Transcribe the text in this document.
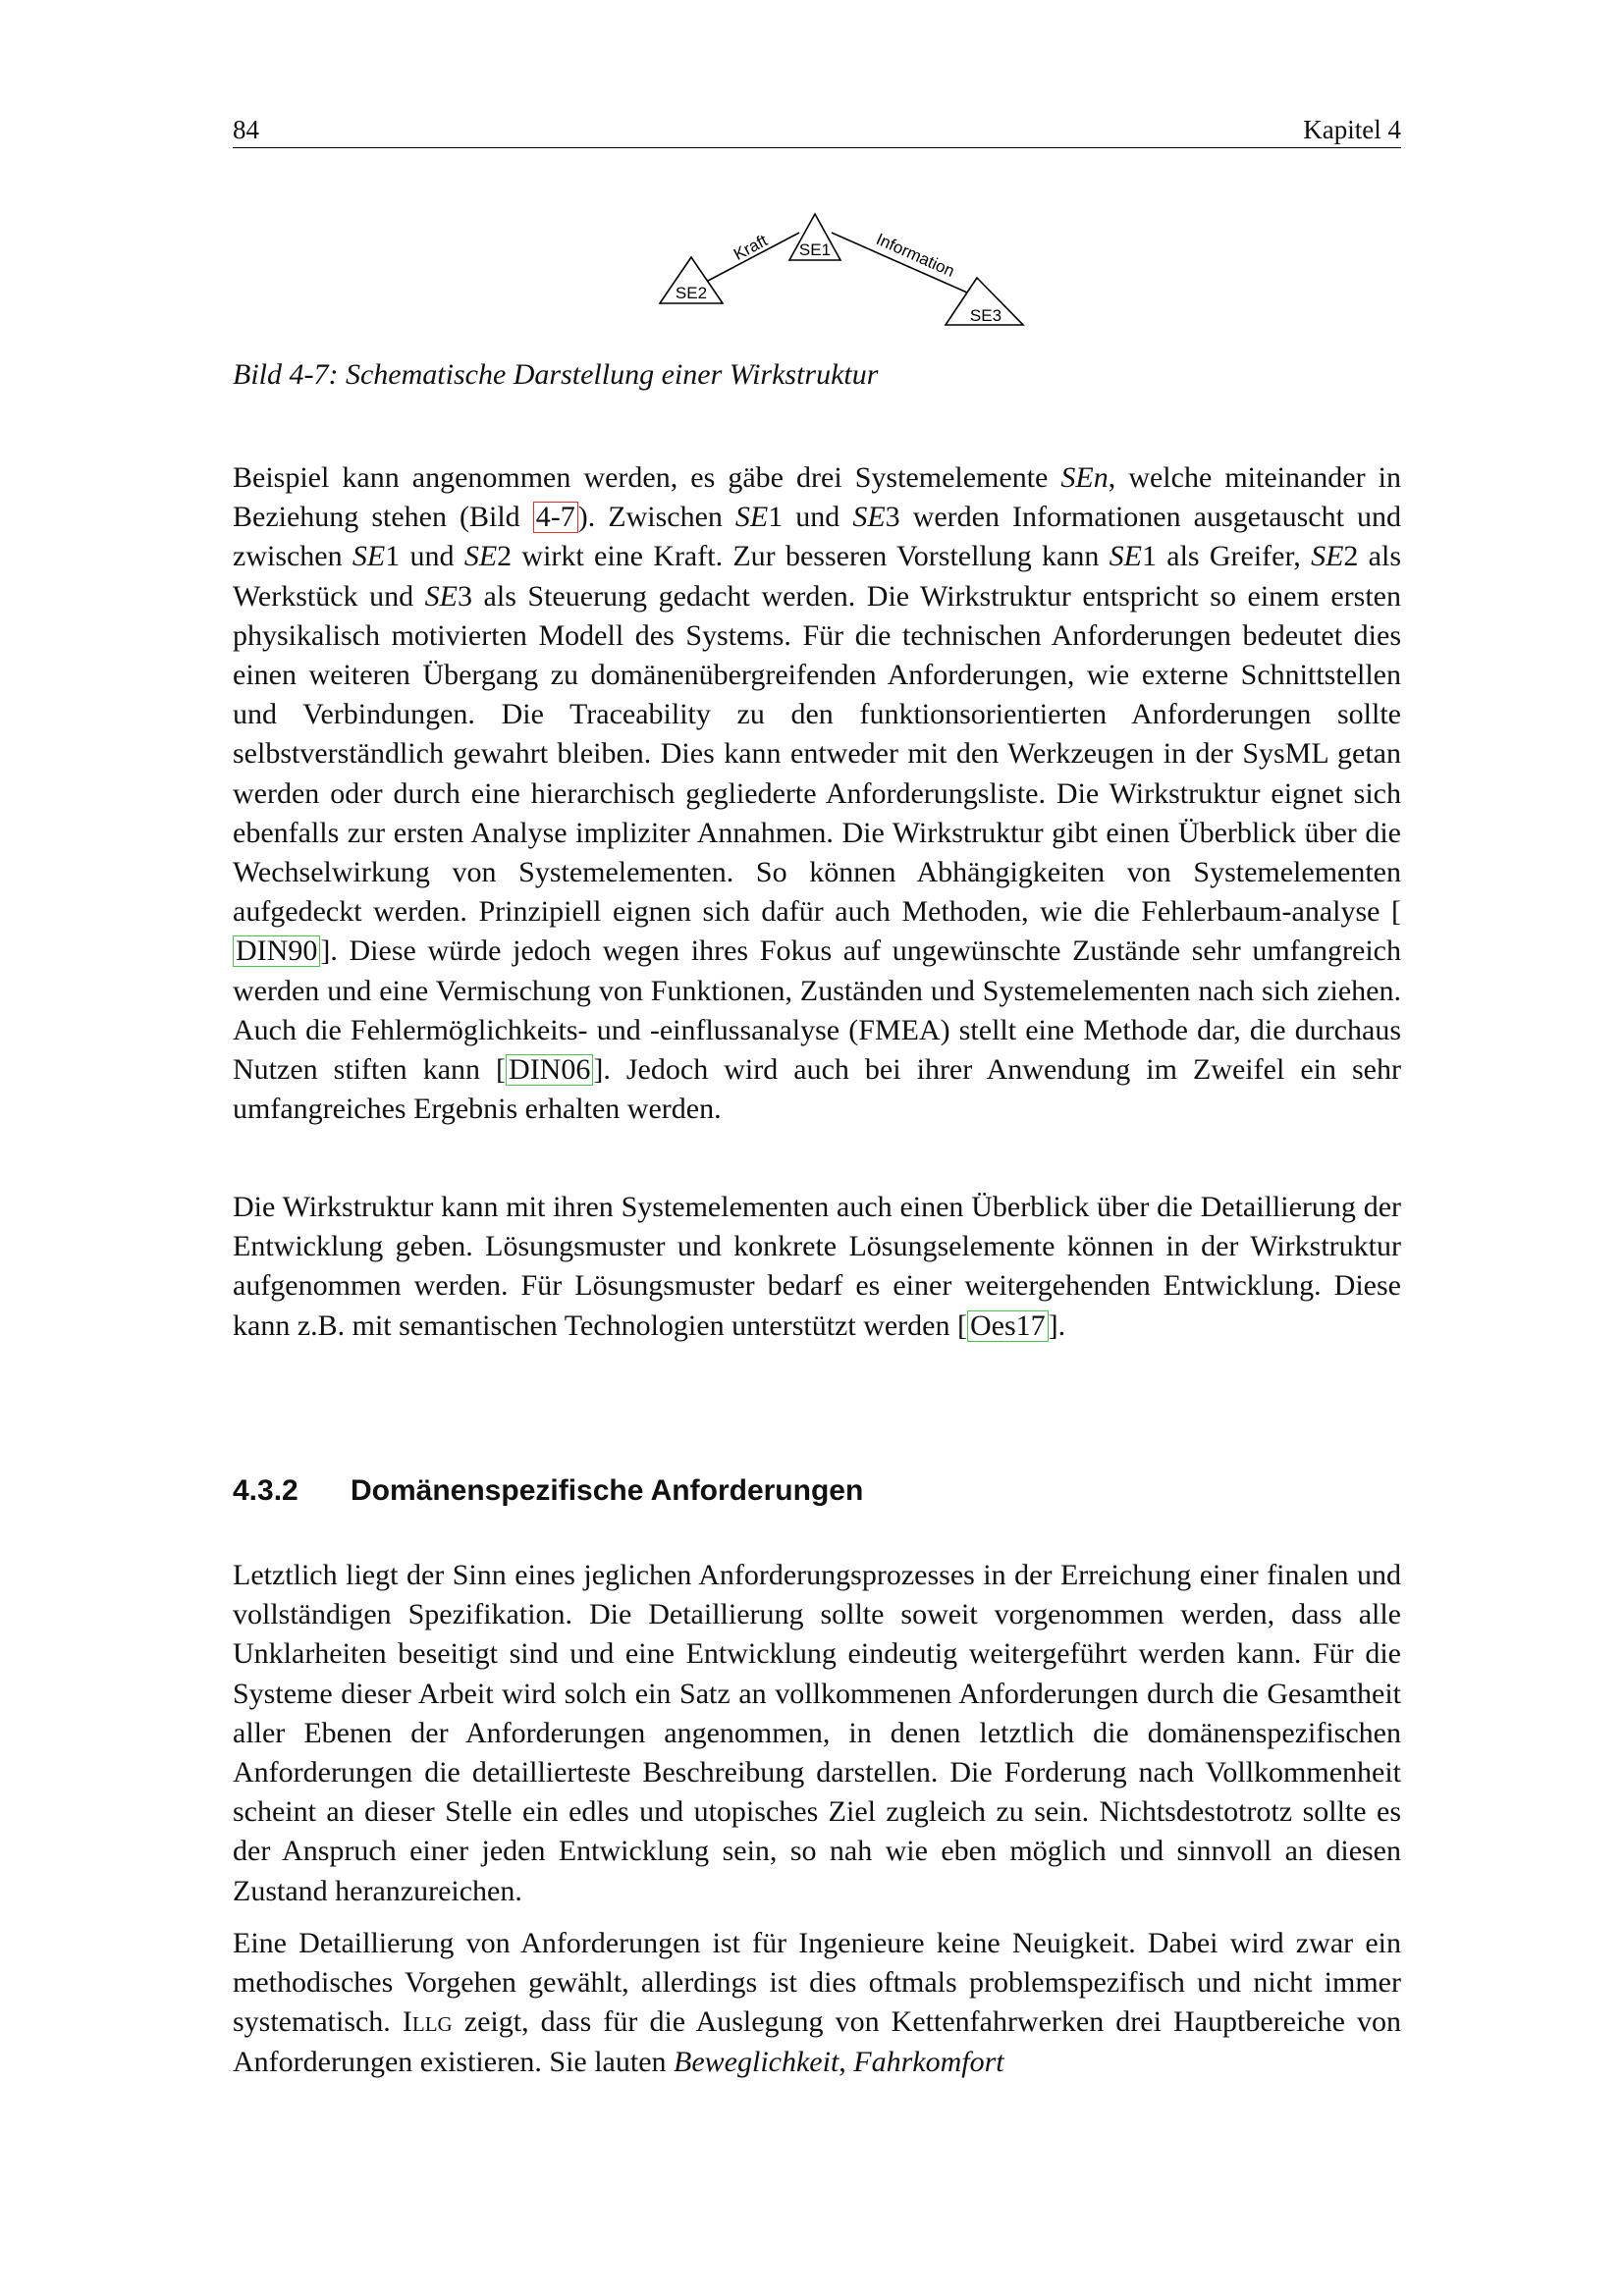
84	Kapitel 4
SE1
SE2
SE3
Kraft	Information
Bild 4-7: Schematische Darstellung einer Wirkstruktur

Beispiel kann angenommen werden, es gäbe drei Systemelemente SEn, welche miteinander in Beziehung stehen (Bild 4-7 ). Zwischen SE1 und SE3 werden Informationen ausgetauscht und zwischen SE1 und SE2 wirkt eine Kraft. Zur besseren Vorstellung kann SE1 als Greifer, SE2 als Werkstück und SE3 als Steuerung gedacht werden. Die Wirkstruktur entspricht so einem ersten physikalisch motivierten Modell des Systems. Für die technischen Anforderungen bedeutet dies einen weiteren Übergang zu domänenübergreifenden Anforderungen, wie externe Schnittstellen und Verbindungen. Die Traceability zu den funktionsorientierten Anforderungen sollte selbstverständlich gewahrt bleiben. Dies kann entweder mit den Werkzeugen in der SysML getan werden oder durch eine hierarchisch gegliederte Anforderungsliste. Die Wirkstruktur eignet sich ebenfalls zur ersten Analyse impliziter Annahmen. Die Wirkstruktur gibt einen Überblick über die Wechselwirkung von Systemelementen. So können Abhängigkeiten von Systemelementen aufgedeckt werden. Prinzipiell eignen sich dafür auch Methoden, wie die Fehlerbaum-analyse [DIN90 ]. Diese würde jedoch wegen ihres Fokus auf ungewünschte Zustände sehr umfangreich werden und eine Vermischung von Funktionen, Zuständen und Systemelementen nach sich ziehen. Auch die Fehlermöglichkeits- und -einflussanalyse (FMEA) stellt eine Methode dar, die durchaus Nutzen stiften kann [ DIN06 ]. Jedoch wird auch bei ihrer Anwendung im Zweifel ein sehr umfangreiches Ergebnis erhalten werden.

Die Wirkstruktur kann mit ihren Systemelementen auch einen Überblick über die Detaillierung der Entwicklung geben. Lösungsmuster und konkrete Lösungselemente können in der Wirkstruktur aufgenommen werden. Für Lösungsmuster bedarf es einer weitergehenden Entwicklung. Diese kann z.B. mit semantischen Technologien unterstützt werden [ Oes17 ].

4.3.2 Domänenspezifische Anforderungen

Letztlich liegt der Sinn eines jeglichen Anforderungsprozesses in der Erreichung einer finalen und vollständigen Spezifikation. Die Detaillierung sollte soweit vorgenommen werden, dass alle Unklarheiten beseitigt sind und eine Entwicklung eindeutig weitergeführt werden kann. Für die Systeme dieser Arbeit wird solch ein Satz an vollkommenen Anforderungen durch die Gesamtheit aller Ebenen der Anforderungen angenommen, in denen letztlich die domänenspezifischen Anforderungen die detaillierteste Beschreibung darstellen. Die Forderung nach Vollkommenheit scheint an dieser Stelle ein edles und utopisches Ziel zugleich zu sein. Nichtsdestotrotz sollte es der Anspruch einer jeden Entwicklung sein, so nah wie eben möglich und sinnvoll an diesen Zustand heranzureichen.

Eine Detaillierung von Anforderungen ist für Ingenieure keine Neuigkeit. Dabei wird zwar ein methodisches Vorgehen gewählt, allerdings ist dies oftmals problemspezifisch und nicht immer systematisch. Illg zeigt, dass für die Auslegung von Kettenfahrwerken drei Hauptbereiche von Anforderungen existieren. Sie lauten Beweglichkeit, Fahrkomfort
